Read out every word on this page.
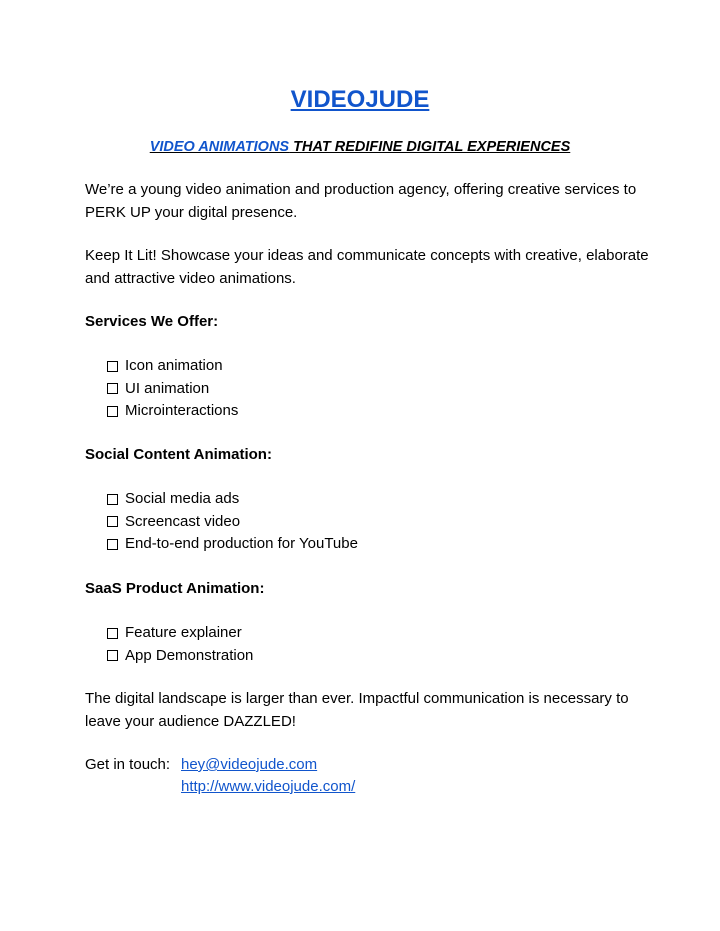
VIDEOJUDE
VIDEO ANIMATIONS THAT REDIFINE DIGITAL EXPERIENCES
We’re a young video animation and production agency, offering creative services to PERK UP your digital presence.
Keep It Lit! Showcase your ideas and communicate concepts with creative, elaborate and attractive video animations.
Services We Offer:
Icon animation
UI animation
Microinteractions
Social Content Animation:
Social media ads
Screencast video
End-to-end production for YouTube
SaaS Product Animation:
Feature explainer
App Demonstration
The digital landscape is larger than ever. Impactful communication is necessary to leave your audience DAZZLED!
Get in touch: hey@videojude.com
http://www.videojude.com/
